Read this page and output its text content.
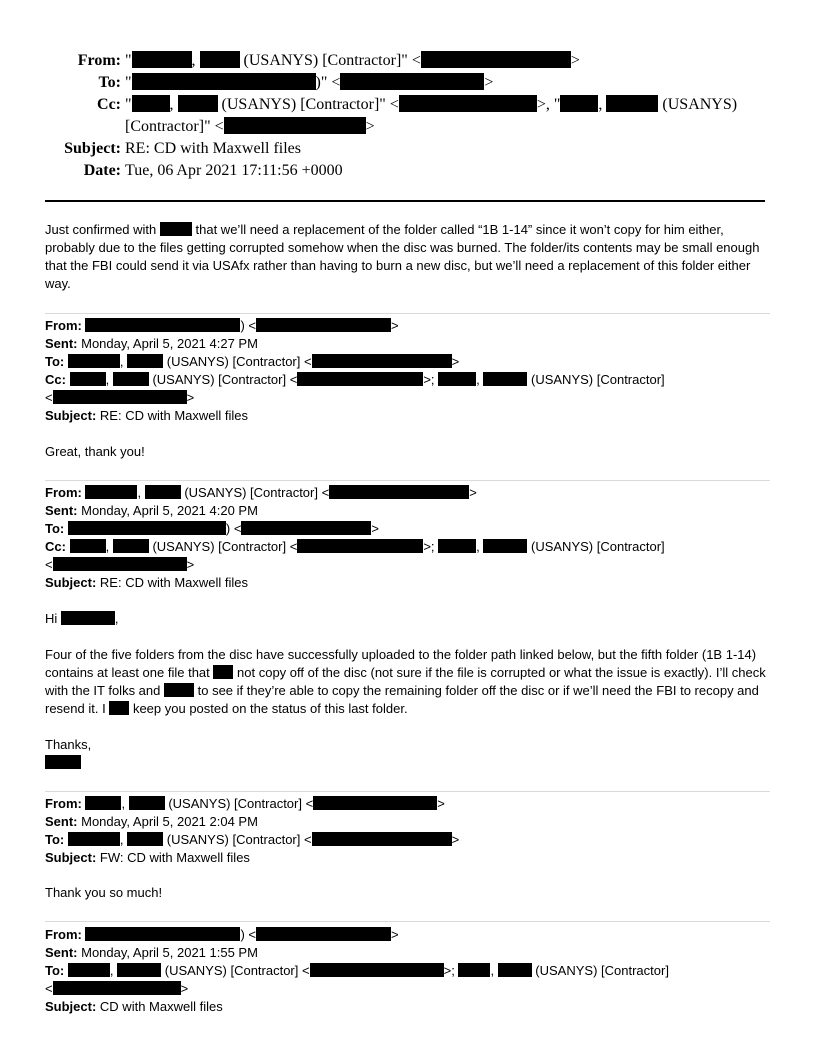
From: "	,	(USANYS) [Contractor]" <	>
To: "	)" <	>
Cc: " ,	(USANYS) [Contractor]" <	>, " ,	(USANYS)
[Contractor]" <	>
Subject: RE: CD with Maxwell files
Date: Tue, 06 Apr 2021 17:11:56 +0000
Just confirmed with	that we’ll need a replacement of the folder called “1B 1-14” since it won’t copy for him either, probably due to the files getting corrupted somehow when the disc was burned. The folder/its contents may be small enough that the FBI could send it via USAfx rather than having to burn a new disc, but we’ll need a replacement of this folder either way.
From:	) <	>
Sent: Monday, April 5, 2021 4:27 PM
To:	,	(USANYS) [Contractor] <	>
Cc:	,	(USANYS) [Contractor] <	>;	,	(USANYS) [Contractor]
<	>
Subject: RE: CD with Maxwell files
Great, thank you!
From:	,	(USANYS) [Contractor] <	>
Sent: Monday, April 5, 2021 4:20 PM
To:	) <	>
Cc:	,	(USANYS) [Contractor] <	>;	,	(USANYS) [Contractor]
<	>
Subject: RE: CD with Maxwell files
Hi	,
Four of the five folders from the disc have successfully uploaded to the folder path linked below, but the fifth folder (1B 1-14) contains at least one file that not copy off of the disc (not sure if the file is corrupted or what the issue is exactly). I’ll check with the IT folks and	to see if they’re able to copy the remaining folder off the disc or if we’ll need the FBI to recopy and resend it. I keep you posted on the status of this last folder.
Thanks,
From:	,	(USANYS) [Contractor] <	>
Sent: Monday, April 5, 2021 2:04 PM
To:	,	(USANYS) [Contractor] <	>
Subject: FW: CD with Maxwell files
Thank you so much!
From:	) <	>
Sent: Monday, April 5, 2021 1:55 PM
To:	,	(USANYS) [Contractor] <	>; ,	(USANYS) [Contractor]
<	>
Subject: CD with Maxwell files
